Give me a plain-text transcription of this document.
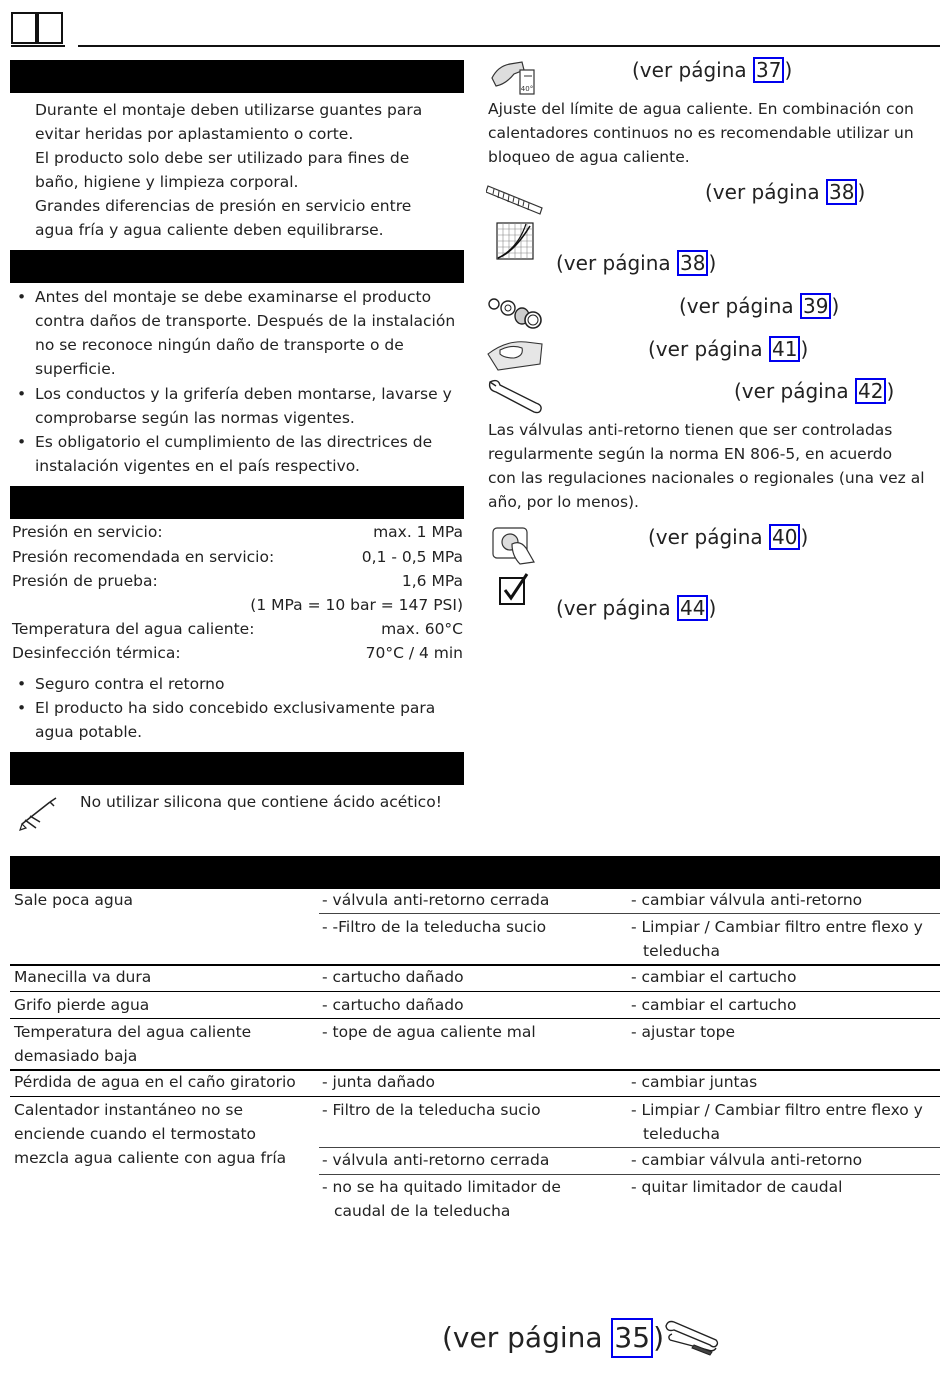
Durante el montaje deben utilizarse guantes para
evitar heridas por aplastamiento o corte.
El producto solo debe ser utilizado para fines de
baño, higiene y limpieza corporal.
Grandes diferencias de presión en servicio entre
agua fría y agua caliente deben equilibrarse.
• Antes del montaje se debe examinarse el producto
contra daños de transporte. Después de la instalación
no se reconoce ningún daño de transporte o de
superficie.
• Los conductos y la grifería deben montarse, lavarse y
comprobarse según las normas vigentes.
• Es obligatorio el cumplimiento de las directrices de
instalación vigentes en el país respectivo.
Presión en servicio:	max. 1 MPa
Presión recomendada en servicio:	0,1 - 0,5 MPa
Presión de prueba:	1,6 MPa
(1 MPa = 10 bar = 147 PSI)
Temperatura del agua caliente:	max. 60°C
Desinfección térmica:	70°C / 4 min
• Seguro contra el retorno
• El producto ha sido concebido exclusivamente para
agua potable.
No utilizar silicona que contiene ácido acético!
40°
(ver página 37 )
Ajuste del límite de agua caliente. En combinación con
calentadores continuos no es recomendable utilizar un
bloqueo de agua caliente.
(ver página 38 )
(ver página 38 )
(ver página 39 )
(ver página 41 )
(ver página 42 )
Las válvulas anti-retorno tienen que ser controladas
regularmente según la norma EN 806-5, en acuerdo
con las regulaciones nacionales o regionales (una vez al
año, por lo menos).
(ver página 40 )
(ver página 44 )
Sale poca agua	- válvula anti-retorno cerrada	- cambiar válvula anti-retorno
- -Filtro de la teleducha sucio	- Limpiar / Cambiar filtro entre flexo y
teleducha
Manecilla va dura	- cartucho dañado	- cambiar el cartucho
Grifo pierde agua	- cartucho dañado	- cambiar el cartucho
Temperatura del agua caliente
demasiado baja
- tope de agua caliente mal	- ajustar tope
Pérdida de agua en el caño giratorio - junta dañado	- cambiar juntas
Calentador instantáneo no se
enciende cuando el termostato
mezcla agua caliente con agua fría
- Filtro de la teleducha sucio	- Limpiar / Cambiar filtro entre flexo y
teleducha
- válvula anti-retorno cerrada	- cambiar válvula anti-retorno
- no se ha quitado limitador de
caudal de la teleducha
- quitar limitador de caudal
(ver página 35 )
